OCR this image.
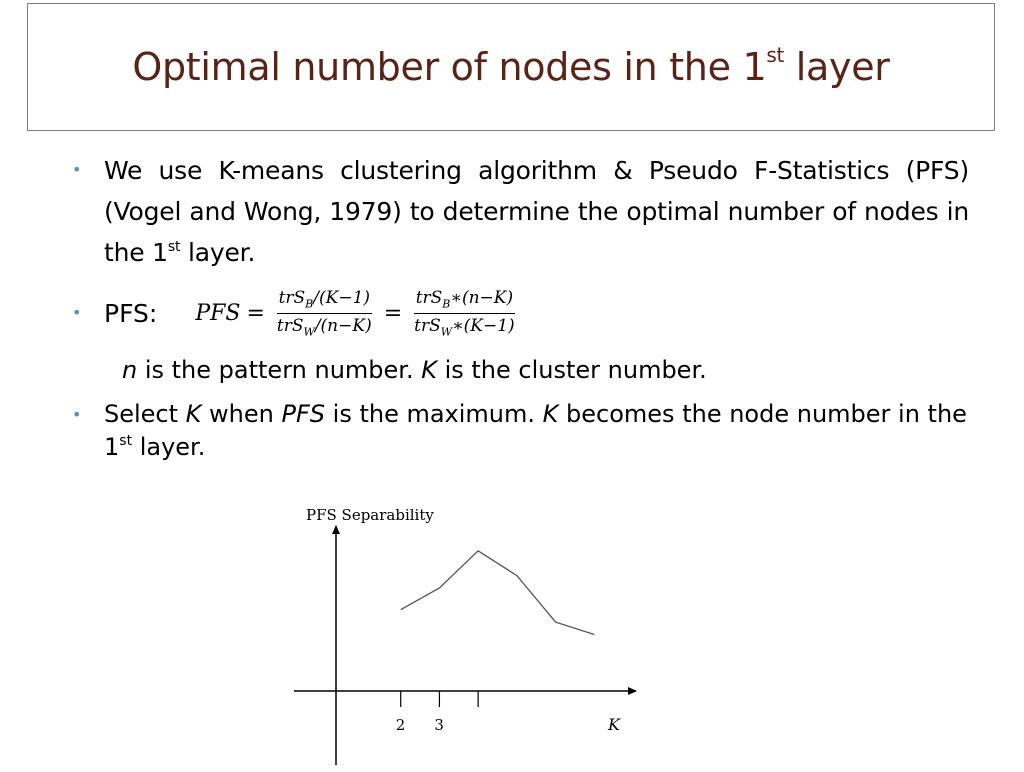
Optimal number of nodes in the 1st layer
• We use K-means clustering algorithm & Pseudo F-Statistics (PFS) (Vogel and Wong, 1979) to determine the optimal number of nodes in the 1st layer.
• PFS: PFS = $\frac{trS_B/(K-1)}{trS_W/(n-K)} = \frac{trS_B∗(n-K)}{trS_W∗(K-1)}$
n is the pattern number. K is the cluster number.
• Select K when PFS is the maximum. K becomes the node number in the 1st layer.
PFS Separability
K
2 3
